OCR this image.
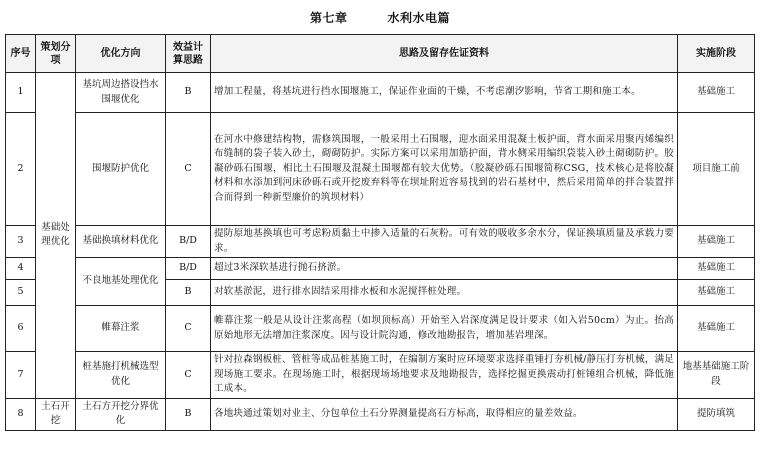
第七章	水利水电篇
序号	策划分项	优化方向	效益计算思路	思路及留存佐证资料	实施阶段
1	基础处理优化	基坑周边搭设挡水围堰优化	B	增加工程量，将基坑进行挡水围堰施工，保证作业面的干燥，不考虑潮汐影响，节省工期和施工本。	基础施工
2		围堰防护优化	C	在河水中修建结构物，需修筑围堰，一般采用土石围堰，迎水面采用混凝土板护面，背水面采用聚丙烯编织布缝制的袋子装入砂土，砌砌防护。实际方案可以采用加筋护面，背水侧采用编织袋装入砂土砌砌防护。胶凝砂砾石围堰，相比土石围堰及混凝土围堰都有较大优势。（胶凝砂砾石围堰简称CSG，技术核心是将胶凝材料和水添加到河床砂砾石或开挖废弃料等在坝址附近容易找到的岩石基材中，然后采用简单的拌合装置拌合而得到一种新型廉价的筑坝材料）	项目施工前
3		基础换填材料优化	B/D	提防原地基换填也可考虑粉质黏土中掺入适量的石灰粉。可有效的吸收多余水分，保证换填质量及承载力要求。	基础施工
4		不良地基处理优化	B/D	超过3米深软基进行抛石挤淤。	基础施工
5			B	对软基淤泥，进行排水固结采用排水板和水泥搅拌桩处理。	基础施工
6		帷幕注浆	C	帷幕注浆一般是从设计注浆高程（如坝顶标高）开始至入岩深度满足设计要求（如入岩50cm）为止。抬高原始地形无法增加注浆深度。因与设计院沟通，修改地勘报告，增加基岩埋深。	基础施工
7		桩基施打机械选型优化	C	针对拉森钢板桩、管桩等成品桩基施工时，在编制方案时应环境要求选择重锤打夯机械/静压打夯机械，满足现场施工要求。在现场施工时，根据现场场地要求及地勘报告，选择挖掘更换震动打桩锤组合机械，降低施工成本。	地基基础施工阶段
8	土石开挖	土石方开挖分界优化	B	各地块通过策划对业主、分包单位土石分界测量提高石方标高，取得相应的量差效益。	提防填筑
